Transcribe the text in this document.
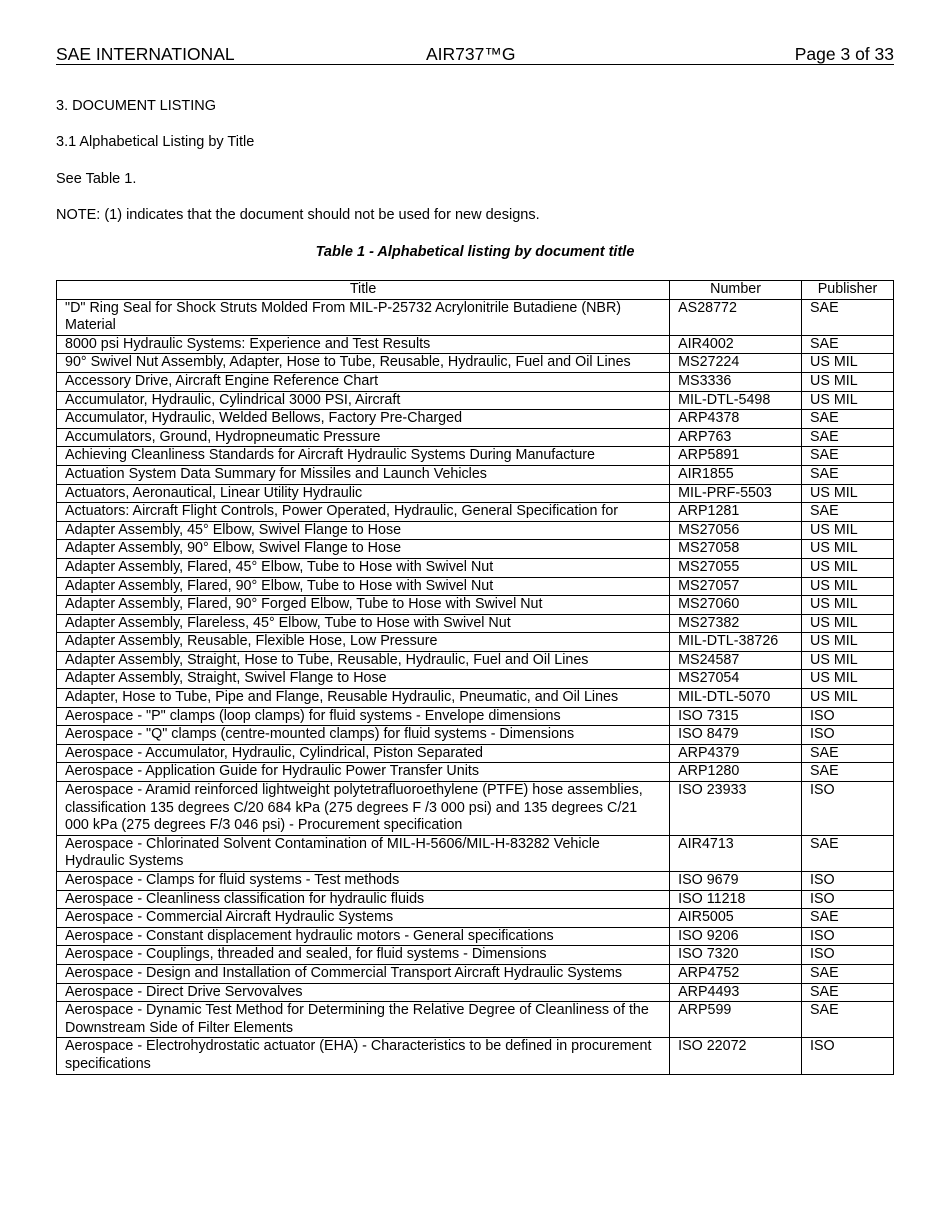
SAE INTERNATIONAL	AIR737™G	Page 3 of 33
3. DOCUMENT LISTING
3.1 Alphabetical Listing by Title
See Table 1.
NOTE: (1) indicates that the document should not be used for new designs.
Table 1 - Alphabetical listing by document title
Title	Number	Publisher
"D" Ring Seal for Shock Struts Molded From MIL-P-25732 Acrylonitrile Butadiene (NBR) Material	AS28772	SAE
8000 psi Hydraulic Systems: Experience and Test Results	AIR4002	SAE
90° Swivel Nut Assembly, Adapter, Hose to Tube, Reusable, Hydraulic, Fuel and Oil Lines	MS27224	US MIL
Accessory Drive, Aircraft Engine Reference Chart	MS3336	US MIL
Accumulator, Hydraulic, Cylindrical 3000 PSI, Aircraft	MIL-DTL-5498	US MIL
Accumulator, Hydraulic, Welded Bellows, Factory Pre-Charged	ARP4378	SAE
Accumulators, Ground, Hydropneumatic Pressure	ARP763	SAE
Achieving Cleanliness Standards for Aircraft Hydraulic Systems During Manufacture	ARP5891	SAE
Actuation System Data Summary for Missiles and Launch Vehicles	AIR1855	SAE
Actuators, Aeronautical, Linear Utility Hydraulic	MIL-PRF-5503	US MIL
Actuators: Aircraft Flight Controls, Power Operated, Hydraulic, General Specification for	ARP1281	SAE
Adapter Assembly, 45° Elbow, Swivel Flange to Hose	MS27056	US MIL
Adapter Assembly, 90° Elbow, Swivel Flange to Hose	MS27058	US MIL
Adapter Assembly, Flared, 45° Elbow, Tube to Hose with Swivel Nut	MS27055	US MIL
Adapter Assembly, Flared, 90° Elbow, Tube to Hose with Swivel Nut	MS27057	US MIL
Adapter Assembly, Flared, 90° Forged Elbow, Tube to Hose with Swivel Nut	MS27060	US MIL
Adapter Assembly, Flareless, 45° Elbow, Tube to Hose with Swivel Nut	MS27382	US MIL
Adapter Assembly, Reusable, Flexible Hose, Low Pressure	MIL-DTL-38726	US MIL
Adapter Assembly, Straight, Hose to Tube, Reusable, Hydraulic, Fuel and Oil Lines	MS24587	US MIL
Adapter Assembly, Straight, Swivel Flange to Hose	MS27054	US MIL
Adapter, Hose to Tube, Pipe and Flange, Reusable Hydraulic, Pneumatic, and Oil Lines	MIL-DTL-5070	US MIL
Aerospace - "P" clamps (loop clamps) for fluid systems - Envelope dimensions	ISO 7315	ISO
Aerospace - "Q" clamps (centre-mounted clamps) for fluid systems - Dimensions	ISO 8479	ISO
Aerospace - Accumulator, Hydraulic, Cylindrical, Piston Separated	ARP4379	SAE
Aerospace - Application Guide for Hydraulic Power Transfer Units	ARP1280	SAE
Aerospace - Aramid reinforced lightweight polytetrafluoroethylene (PTFE) hose assemblies, classification 135 degrees C/20 684 kPa (275 degrees F /3 000 psi) and 135 degrees C/21 000 kPa (275 degrees F/3 046 psi) - Procurement specification	ISO 23933	ISO
Aerospace - Chlorinated Solvent Contamination of MIL-H-5606/MIL-H-83282 Vehicle Hydraulic Systems	AIR4713	SAE
Aerospace - Clamps for fluid systems - Test methods	ISO 9679	ISO
Aerospace - Cleanliness classification for hydraulic fluids	ISO 11218	ISO
Aerospace - Commercial Aircraft Hydraulic Systems	AIR5005	SAE
Aerospace - Constant displacement hydraulic motors - General specifications	ISO 9206	ISO
Aerospace - Couplings, threaded and sealed, for fluid systems - Dimensions	ISO 7320	ISO
Aerospace - Design and Installation of Commercial Transport Aircraft Hydraulic Systems	ARP4752	SAE
Aerospace - Direct Drive Servovalves	ARP4493	SAE
Aerospace - Dynamic Test Method for Determining the Relative Degree of Cleanliness of the Downstream Side of Filter Elements	ARP599	SAE
Aerospace - Electrohydrostatic actuator (EHA) - Characteristics to be defined in procurement specifications	ISO 22072	ISO
